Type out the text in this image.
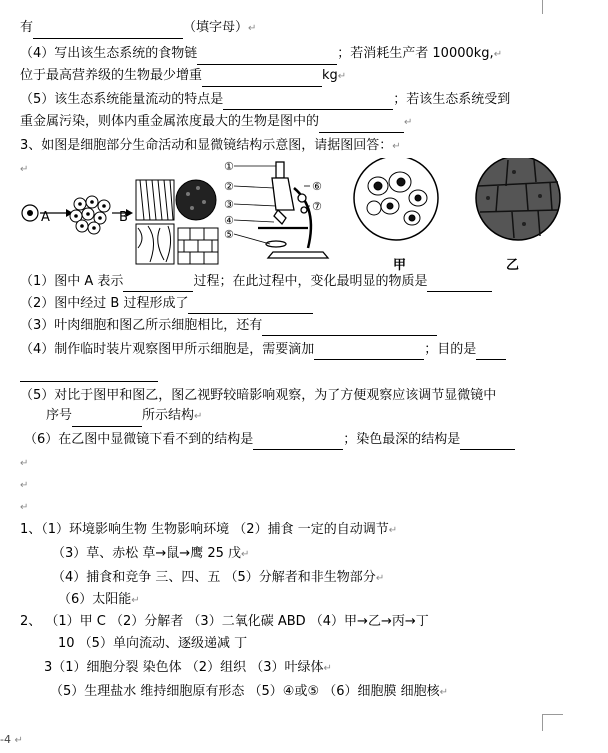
有	（填字母）↵
（4）写出该生态系统的食物链	；若消耗生产者 10000kg,↵
位于最高营养级的生物最少增重	kg↵
（5）该生态系统能量流动的特点是	；若该生态系统受到
重金属污染，则体内重金属浓度最大的生物是图中的	↵
3、如图是细胞部分生命活动和显微镜结构示意图，请据图回答：↵
↵	①
②
③
④
⑤
⑥
⑦
A	B
甲	乙
（1）图中 A 表示	过程；在此过程中，变化最明显的物质是
（2）图中经过 B 过程形成了
（3）叶肉细胞和图乙所示细胞相比，还有
（4）制作临时装片观察图甲所示细胞是，需要滴加	；目的是
（5）对比于图甲和图乙，图乙视野较暗影响观察，为了方便观察应该调节显微镜中
序号	所示结构↵
（6）在乙图中显微镜下看不到的结构是	；染色最深的结构是
↵
↵
↵
1、（1）环境影响生物 生物影响环境 （2）捕食 一定的自动调节↵
（3）草、赤松 草→鼠→鹰 25 戊↵
（4）捕食和竞争 三、四、五 （5）分解者和非生物部分↵
（6）太阳能↵
2、 （1）甲 C （2）分解者 （3）二氧化碳 ABD （4）甲→乙→丙→丁
10 （5）单向流动、逐级递减 丁
3（1）细胞分裂 染色体 （2）组织 （3）叶绿体↵
（5）生理盐水 维持细胞原有形态 （5）④或⑤ （6）细胞膜 细胞核↵
-4 ↵
